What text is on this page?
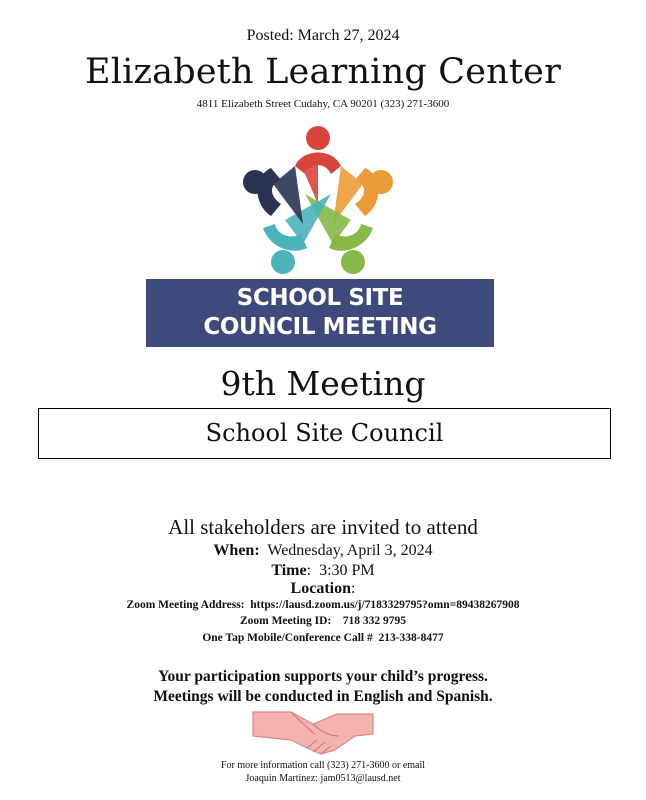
Posted: March 27, 2024
Elizabeth Learning Center
4811 Elizabeth Street Cudahy, CA 90201 (323) 271-3600
SCHOOL SITE
COUNCIL MEETING
9th Meeting
School Site Council
All stakeholders are invited to attend
When: Wednesday, April 3, 2024
Time:  3:30 PM
Location:
Zoom Meeting Address: https://lausd.zoom.us/j/7183329795?omn=89438267908
Zoom Meeting ID: 718 332 9795
One Tap Mobile/Conference Call # 213-338-8477
Your participation supports your child’s progress.
Meetings will be conducted in English and Spanish.
For more information call (323) 271-3600 or email
Joaquin Martinez: jam0513@lausd.net
